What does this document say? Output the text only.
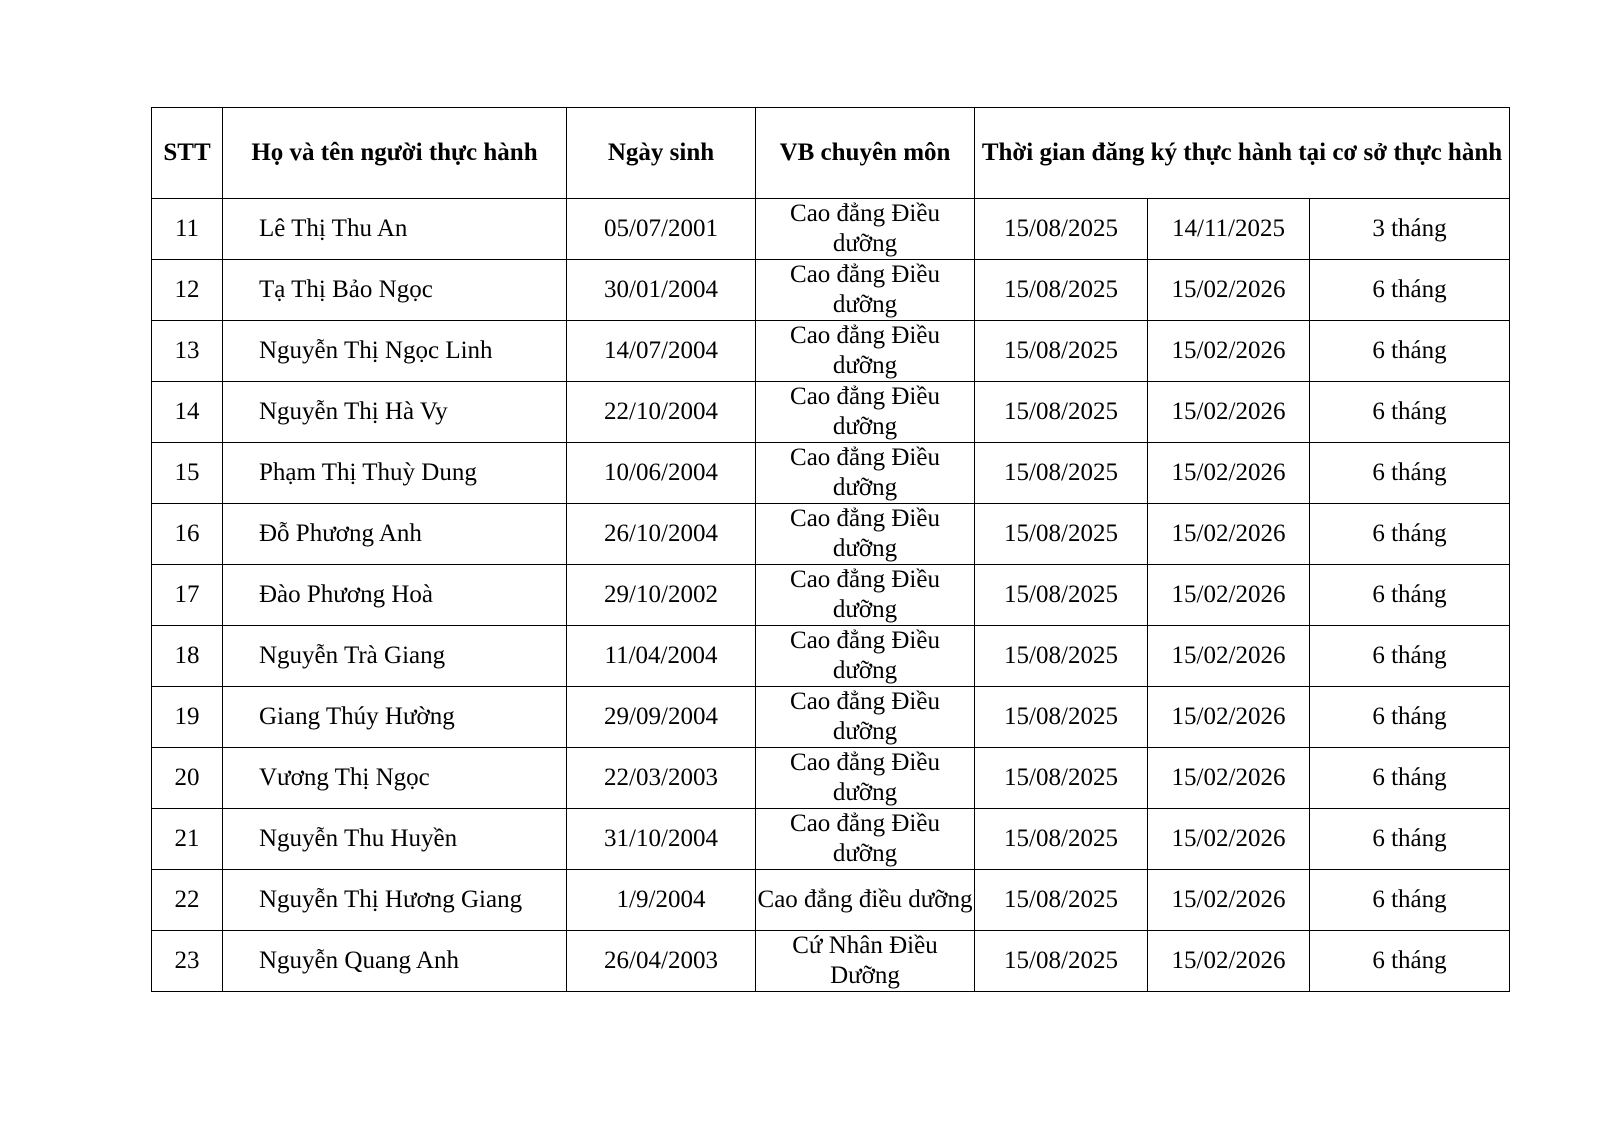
STT	Họ và tên người thực hành	Ngày sinh	VB chuyên môn	Thời gian đăng ký thực hành tại cơ sở thực hành		
11	Lê Thị Thu An	05/07/2001	Cao đẳng Điều dưỡng	15/08/2025	14/11/2025	3 tháng
12	Tạ Thị Bảo Ngọc	30/01/2004	Cao đẳng Điều dưỡng	15/08/2025	15/02/2026	6 tháng
13	Nguyễn Thị Ngọc Linh	14/07/2004	Cao đẳng Điều dưỡng	15/08/2025	15/02/2026	6 tháng
14	Nguyễn Thị Hà Vy	22/10/2004	Cao đẳng Điều dưỡng	15/08/2025	15/02/2026	6 tháng
15	Phạm Thị Thuỳ Dung	10/06/2004	Cao đẳng Điều dưỡng	15/08/2025	15/02/2026	6 tháng
16	Đỗ Phương Anh	26/10/2004	Cao đẳng Điều dưỡng	15/08/2025	15/02/2026	6 tháng
17	Đào Phương Hoà	29/10/2002	Cao đẳng Điều dưỡng	15/08/2025	15/02/2026	6 tháng
18	Nguyễn Trà Giang	11/04/2004	Cao đẳng Điều dưỡng	15/08/2025	15/02/2026	6 tháng
19	Giang Thúy Hường	29/09/2004	Cao đẳng Điều dưỡng	15/08/2025	15/02/2026	6 tháng
20	Vương Thị Ngọc	22/03/2003	Cao đẳng Điều dưỡng	15/08/2025	15/02/2026	6 tháng
21	Nguyễn Thu Huyền	31/10/2004	Cao đẳng Điều dưỡng	15/08/2025	15/02/2026	6 tháng
22	Nguyễn Thị Hương Giang	1/9/2004	Cao đẳng điều dưỡng	15/08/2025	15/02/2026	6 tháng
23	Nguyễn Quang Anh	26/04/2003	Cứ Nhân Điều Dưỡng	15/08/2025	15/02/2026	6 tháng
